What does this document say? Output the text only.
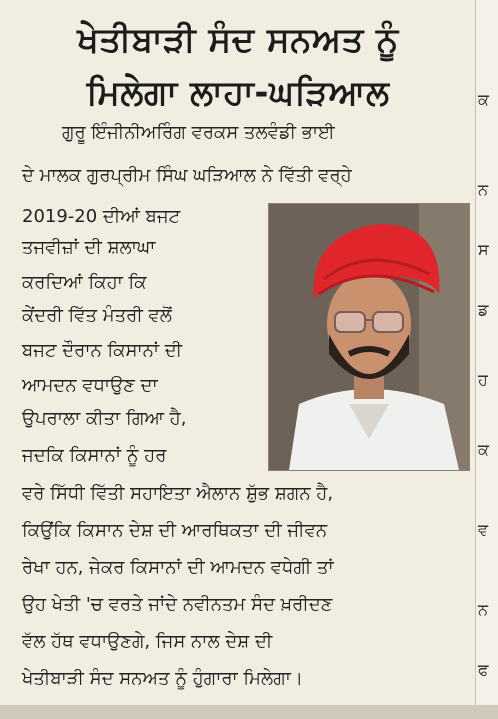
ਖੇਤੀਬਾੜੀ ਸੰਦ ਸਨਅਤ ਨੂੰ
ਮਿਲੇਗਾ ਲਾਹਾ-ਘੜਿਆਲ
ਗੁਰੂ ਇੰਜੀਨੀਅਰਿੰਗ ਵਰਕਸ ਤਲਵੰਡੀ ਭਾਈ
ਦੇ ਮਾਲਕ ਗੁਰਪ੍ਰੀਮ ਸਿੰਘ ਘੜਿਆਲ ਨੇ ਵਿੱਤੀ ਵਰ੍ਹੇ
2019-20 ਦੀਆਂ ਬਜਟ
ਤਜਵੀਜ਼ਾਂ ਦੀ ਸ਼ਲਾਘਾ
ਕਰਦਿਆਂ ਕਿਹਾ ਕਿ
ਕੇਂਦਰੀ ਵਿੱਤ ਮੰਤਰੀ ਵਲੋਂ
ਬਜਟ ਦੌਰਾਨ ਕਿਸਾਨਾਂ ਦੀ
ਆਮਦਨ ਵਧਾਉਣ ਦਾ
ਉਪਰਾਲਾ ਕੀਤਾ ਗਿਆ ਹੈ,
ਜਦਕਿ ਕਿਸਾਨਾਂ ਨੂੰ ਹਰ
ਵਰੇ ਸਿੱਧੀ ਵਿੱਤੀ ਸਹਾਇਤਾ ਐਲਾਨ ਸ਼ੁੱਭ ਸ਼ਗਨ ਹੈ,
ਕਿਉਂਕਿ ਕਿਸਾਨ ਦੇਸ਼ ਦੀ ਆਰਥਿਕਤਾ ਦੀ ਜੀਵਨ
ਰੇਖਾ ਹਨ, ਜੇਕਰ ਕਿਸਾਨਾਂ ਦੀ ਆਮਦਨ ਵਧੇਗੀ ਤਾਂ
ਉਹ ਖੇਤੀ 'ਚ ਵਰਤੇ ਜਾਂਦੇ ਨਵੀਨਤਮ ਸੰਦ ਖ਼ਰੀਦਣ
ਵੱਲ ਹੱਥ ਵਧਾਉਣਗੇ, ਜਿਸ ਨਾਲ ਦੇਸ਼ ਦੀ
ਖੇਤੀਬਾੜੀ ਸੰਦ ਸਨਅਤ ਨੂੰ ਹੁੰਗਾਰਾ ਮਿਲੇਗਾ।
ਕ
ਨ
ਸ
ਡ
ਹ
ਕ
ਵ
ਨ
ਫ
